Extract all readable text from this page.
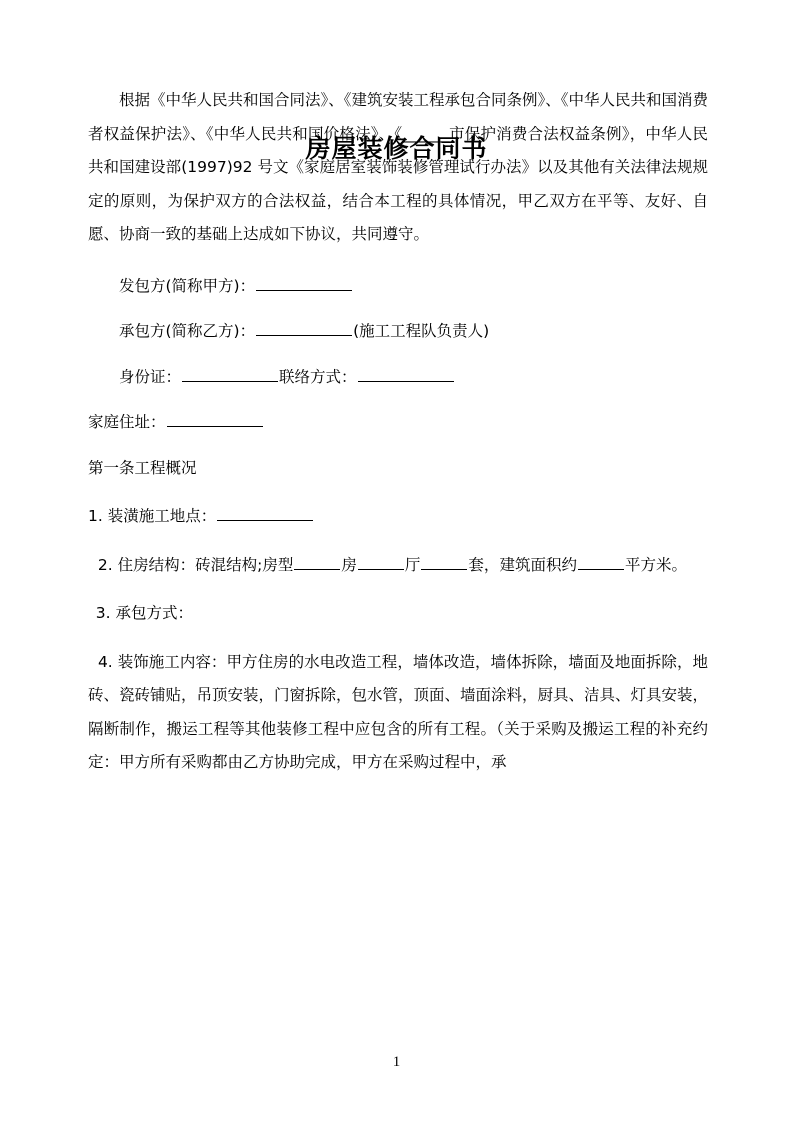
房屋装修合同书

根据《中华人民共和国合同法》、《建筑安装工程承包合同条例》、《中华人民共和国消费者权益保护法》、《中华人民共和国价格法》、《______市保护消费合法权益条例》，中华人民共和国建设部(1997)92 号文《家庭居室装饰装修管理试行办法》以及其他有关法律法规规定的原则，为保护双方的合法权益，结合本工程的具体情况，甲乙双方在平等、友好、自愿、协商一致的基础上达成如下协议，共同遵守。

发包方(简称甲方)：

承包方(简称乙方)：	(施工工程队负责人)

身份证：	联络方式：

家庭住址：

第一条工程概况

1. 装潢施工地点：

2. 住房结构：砖混结构;房型	房	厅	套，建筑面积约	平方米。

3. 承包方式：

4. 装饰施工内容：甲方住房的水电改造工程，墙体改造，墙体拆除，墙面及地面拆除，地砖、瓷砖铺贴，吊顶安装，门窗拆除，包水管，顶面、墙面涂料，厨具、洁具、灯具安装，隔断制作，搬运工程等其他装修工程中应包含的所有工程。（关于采购及搬运工程的补充约定：甲方所有采购都由乙方协助完成，甲方在采购过程中，承

1
